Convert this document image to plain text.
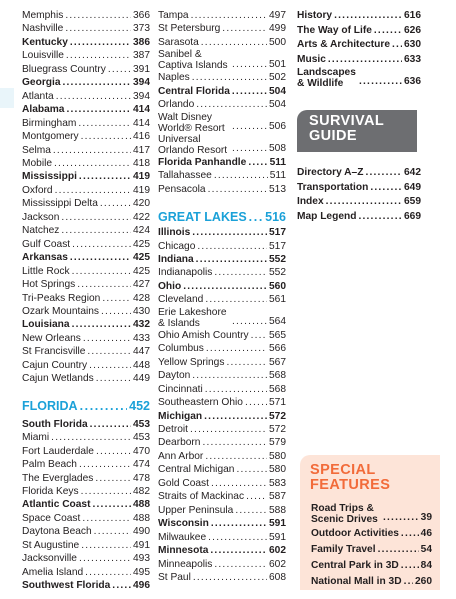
Memphis .....	366
Nashville .....	373
Kentucky .....	386
Louisville .....	387
Bluegrass Country .....	391
Georgia .....	394
Atlanta .....	394
Alabama .....	414
Birmingham .....	414
Montgomery .....	416
Selma .....	417
Mobile .....	418
Mississippi .....	419
Oxford .....	419
Mississippi Delta .....	420
Jackson .....	422
Natchez .....	424
Gulf Coast .....	425
Arkansas .....	425
Little Rock .....	425
Hot Springs .....	427
Tri-Peaks Region .....	428
Ozark Mountains .....	430
Louisiana .....	432
New Orleans .....	433
St Francisville .....	447
Cajun Country .....	448
Cajun Wetlands .....	449
FLORIDA .....	452
South Florida .....	453
Miami .....	453
Fort Lauderdale .....	470
Palm Beach .....	474
The Everglades .....	478
Florida Keys .....	482
Atlantic Coast .....	488
Space Coast .....	488
Daytona Beach .....	490
St Augustine .....	491
Jacksonville .....	493
Amelia Island .....	495
Southwest Florida ..... 496
Tampa .....	497
St Petersburg .....	499
Sarasota .....	500
Sanibel & Captiva Islands .....	501
Naples .....	502
Central Florida .....	504
Orlando .....	504
Walt Disney World® Resort .....	506
Universal Orlando Resort .....	508
Florida Panhandle ..... 511
Tallahassee .....	511
Pensacola .....	513
GREAT LAKES ..... 516
Illinois .....	517
Chicago .....	517
Indiana .....	552
Indianapolis .....	552
Ohio .....	560
Cleveland .....	561
Erie Lakeshore & Islands .....	564
Ohio Amish Country ..... 565
Columbus .....	566
Yellow Springs .....	567
Dayton .....	568
Cincinnati .....	568
Southeastern Ohio .....	571
Michigan .....	572
Detroit .....	572
Dearborn .....	579
Ann Arbor .....	580
Central Michigan .....	580
Gold Coast .....	583
Straits of Mackinac ..... 587
Upper Peninsula .....	588
Wisconsin .....	591
Milwaukee .....	591
Minnesota .....	602
Minneapolis .....	602
St Paul .....	608
History .....	616
The Way of Life .....	626
Arts & Architecture ..... 630
Music .....	633
Landscapes & Wildlife .....	636
SURVIVAL GUIDE
Directory A–Z .....	642
Transportation .....	649
Index .....	659
Map Legend .....	669
SPECIAL FEATURES
Road Trips & Scenic Drives .....	39
Outdoor Activities ..... 46
Family Travel .....	54
Central Park in 3D ..... 84
National Mall in 3D ..... 260
